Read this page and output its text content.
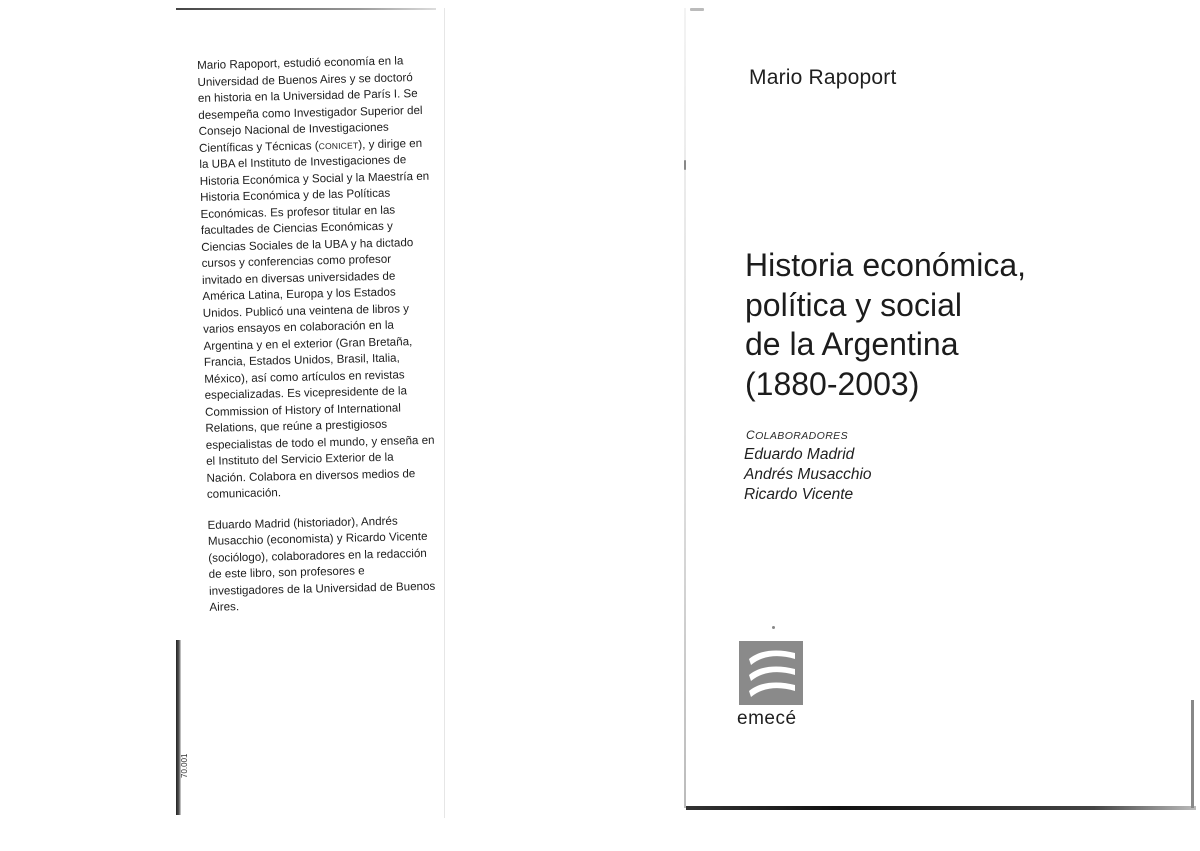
Mario Rapoport, estudió economía en la Universidad de Buenos Aires y se doctoró en historia en la Universidad de París I. Se desempeña como Investigador Superior del Consejo Nacional de Investigaciones Científicas y Técnicas (CONICET), y dirige en la UBA el Instituto de Investigaciones de Historia Económica y Social y la Maestría en Historia Económica y de las Políticas Económicas. Es profesor titular en las facultades de Ciencias Económicas y Ciencias Sociales de la UBA y ha dictado cursos y conferencias como profesor invitado en diversas universidades de América Latina, Europa y los Estados Unidos. Publicó una veintena de libros y varios ensayos en colaboración en la Argentina y en el exterior (Gran Bretaña, Francia, Estados Unidos, Brasil, Italia, México), así como artículos en revistas especializadas. Es vicepresidente de la Commission of History of International Relations, que reúne a prestigiosos especialistas de todo el mundo, y enseña en el Instituto del Servicio Exterior de la Nación. Colabora en diversos medios de comunicación.

Eduardo Madrid (historiador), Andrés Musacchio (economista) y Ricardo Vicente (sociólogo), colaboradores en la redacción de este libro, son profesores e investigadores de la Universidad de Buenos Aires.

70.001
Mario Rapoport
Historia económica,
política y social
de la Argentina
(1880-2003)
COLABORADORES
Eduardo Madrid
Andrés Musacchio
Ricardo Vicente
emecé
